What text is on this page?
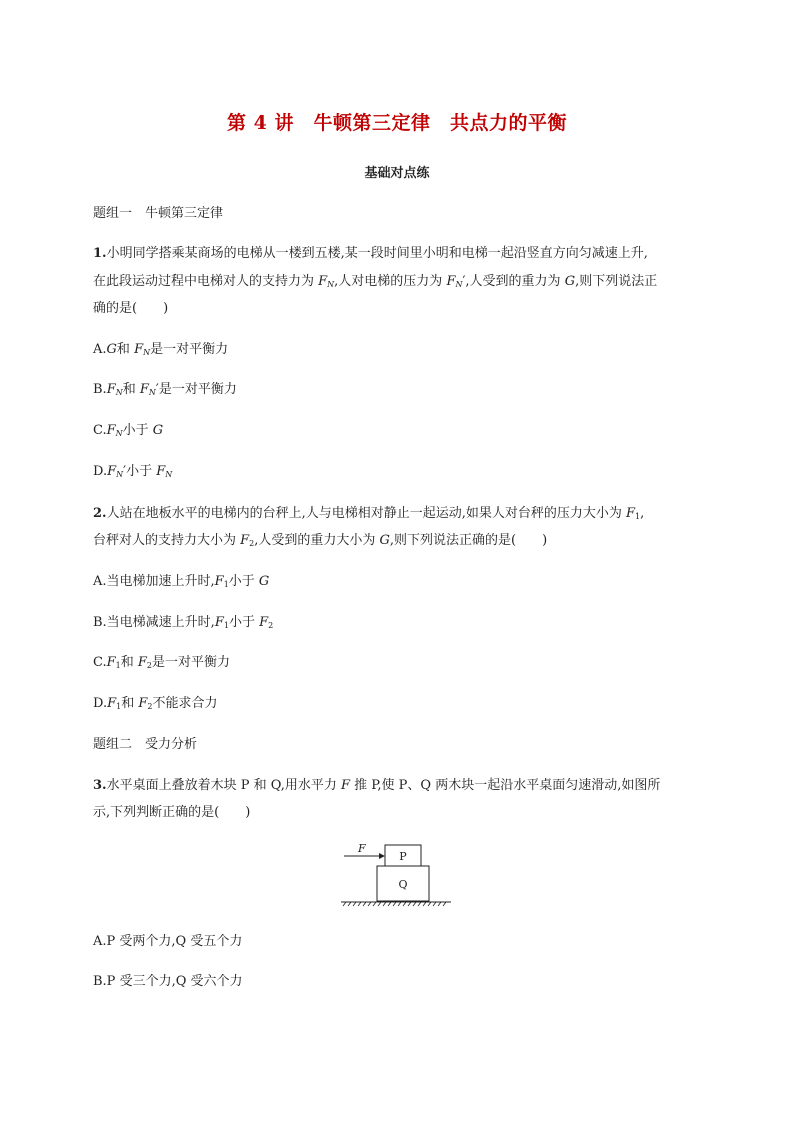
第 4 讲　牛顿第三定律　共点力的平衡
基础对点练
题组一　牛顿第三定律
1.小明同学搭乘某商场的电梯从一楼到五楼,某一段时间里小明和电梯一起沿竖直方向匀减速上升,
在此段运动过程中电梯对人的支持力为 $F_N$,人对电梯的压力为 $F_N'$,人受到的重力为 G,则下列说法正
确的是(　　)
A.G和 $F_N$是一对平衡力
$B.F_N$和 $F_N'$是一对平衡力
$C.F_N$小于 G
$D.F_N'$小于 $F_N$
2.人站在地板水平的电梯内的台秤上,人与电梯相对静止一起运动,如果人对台秤的压力大小为 $F_1$,
台秤对人的支持力大小为 $F_2$,人受到的重力大小为 G,则下列说法正确的是(　　)
A.当电梯加速上升时$,F_1$小于 G
B.当电梯减速上升时$,F_1$小于 $F_2$
$C.F_1$和 $F_2$是一对平衡力
$D.F_1$和 $F_2$不能求合力
题组二　受力分析
3.水平桌面上叠放着木块 P 和 Q,用水平力 F 推 P,使 P、Q 两木块一起沿水平桌面匀速滑动,如图所
示,下列判断正确的是(　　)
F
P
Q
A.P 受两个力,Q 受五个力
B.P 受三个力,Q 受六个力
